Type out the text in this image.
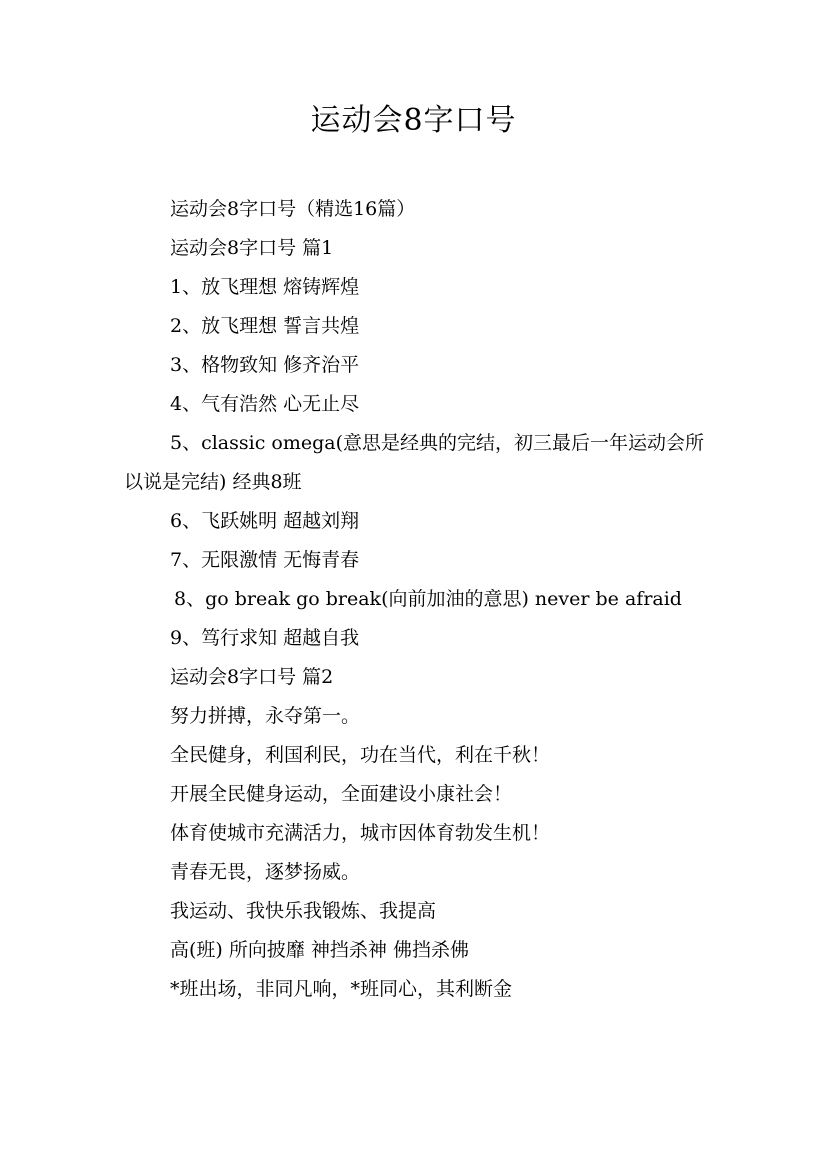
运动会8字口号

运动会8字口号（精选16篇）

运动会8字口号 篇1

1、放飞理想 熔铸辉煌

2、放飞理想 誓言共煌

3、格物致知 修齐治平

4、气有浩然 心无止尽

5、classic omega(意思是经典的完结，初三最后一年运动会所以说是完结) 经典8班

6、飞跃姚明 超越刘翔

7、无限激情 无悔青春

8、go break go break(向前加油的意思) never be afraid

9、笃行求知 超越自我

运动会8字口号 篇2

努力拼搏，永夺第一。

全民健身，利国利民，功在当代，利在千秋！

开展全民健身运动，全面建设小康社会！

体育使城市充满活力，城市因体育勃发生机！

青春无畏，逐梦扬威。

我运动、我快乐我锻炼、我提高

高(班) 所向披靡 神挡杀神 佛挡杀佛

*班出场，非同凡响，*班同心，其利断金
